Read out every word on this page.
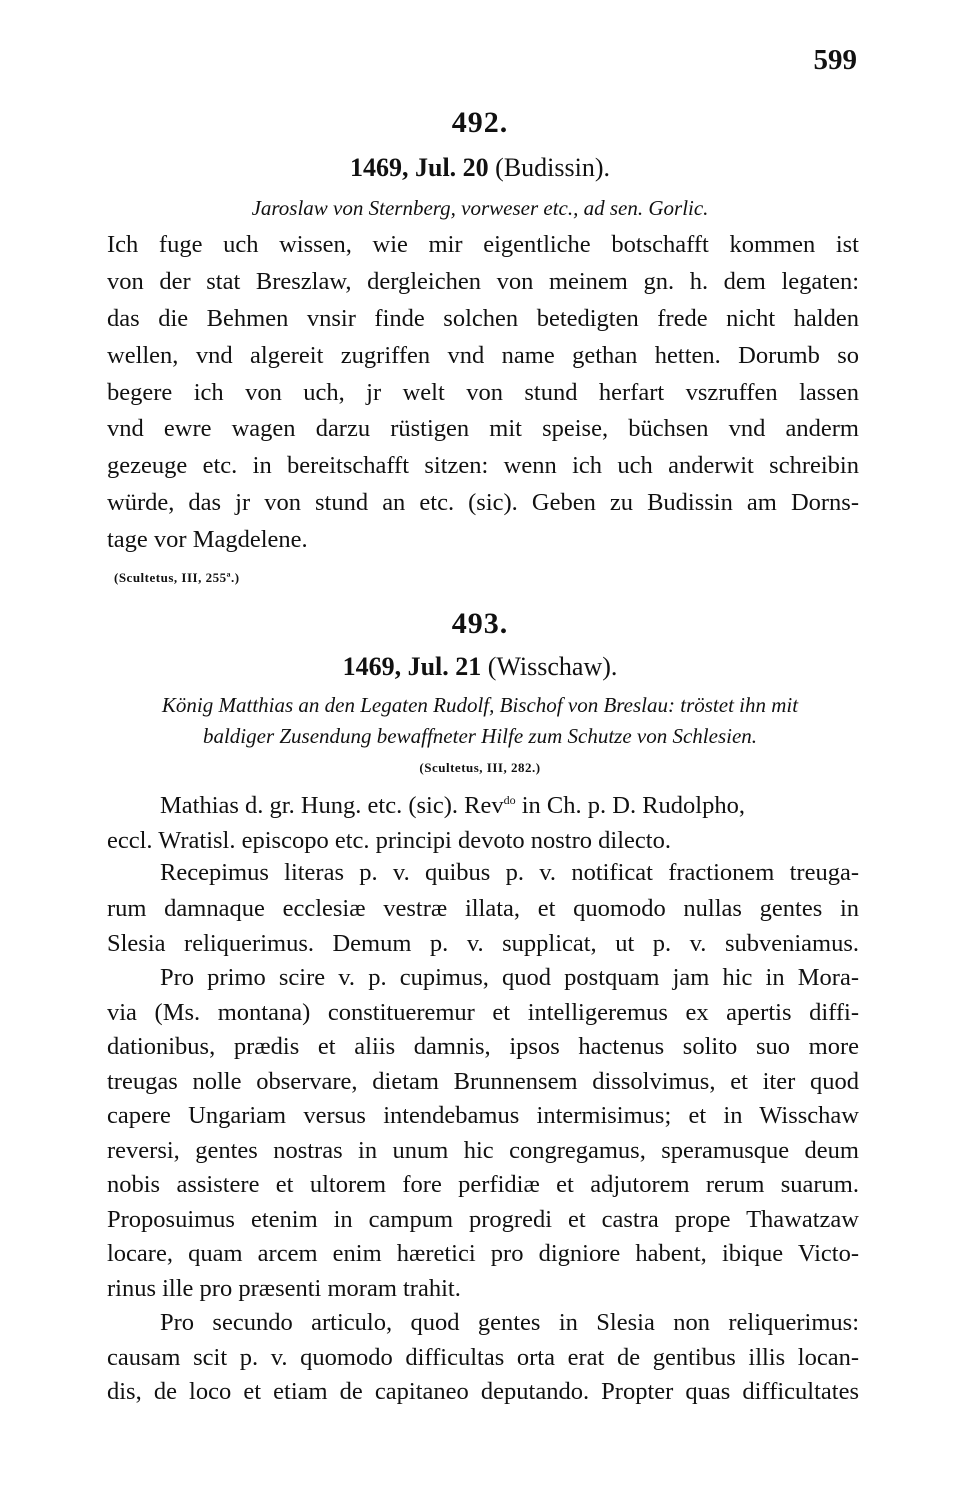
599
492.
1469, Jul. 20 (Budissin).
Jaroslaw von Sternberg, vorweser etc., ad sen. Gorlic.
Ich fuge uch wissen, wie mir eigentliche botschafft kommen ist
von der stat Breszlaw, dergleichen von meinem gn. h. dem legaten:
das die Behmen vnsir finde solchen betedigten frede nicht halden
wellen, vnd algereit zugriffen vnd name gethan hetten. Dorumb so
begere ich von uch, jr welt von stund herfart vszruffen lassen
vnd ewre wagen darzu rüstigen mit speise, büchsen vnd anderm
gezeuge etc. in bereitschafft sitzen: wenn ich uch anderwit schreibin
würde, das jr von stund an etc. (sic). Geben zu Budissin am Dorns-
tage vor Magdelene.
(Scultetus, III, 255ª.)
493.
1469, Jul. 21 (Wisschaw).
König Matthias an den Legaten Rudolf, Bischof von Breslau: tröstet ihn mit
baldiger Zusendung bewaffneter Hilfe zum Schutze von Schlesien.
(Scultetus, III, 282.)
Mathias d. gr. Hung. etc. (sic). Rev$^{do}$ in Ch. p. D. Rudolpho,
eccl. Wratisl. episcopo etc. principi devoto nostro dilecto.
Recepimus literas p. v. quibus p. v. notificat fractionem treuga-
rum damnaque ecclesiæ vestræ illata, et quomodo nullas gentes in
Slesia reliquerimus. Demum p. v. supplicat, ut p. v. subveniamus.
Pro primo scire v. p. cupimus, quod postquam jam hic in Mora-
via (Ms. montana) constitueremur et intelligeremus ex apertis diffi-
dationibus, prædis et aliis damnis, ipsos hactenus solito suo more
treugas nolle observare, dietam Brunnensem dissolvimus, et iter quod
capere Ungariam versus intendebamus intermisimus; et in Wisschaw
reversi, gentes nostras in unum hic congregamus, speramusque deum
nobis assistere et ultorem fore perfidiæ et adjutorem rerum suarum.
Proposuimus etenim in campum progredi et castra prope Thawatzaw
locare, quam arcem enim hæretici pro digniore habent, ibique Victo-
rinus ille pro præsenti moram trahit.
Pro secundo articulo, quod gentes in Slesia non reliquerimus:
causam scit p. v. quomodo difficultas orta erat de gentibus illis locan-
dis, de loco et etiam de capitaneo deputando. Propter quas difficultates
